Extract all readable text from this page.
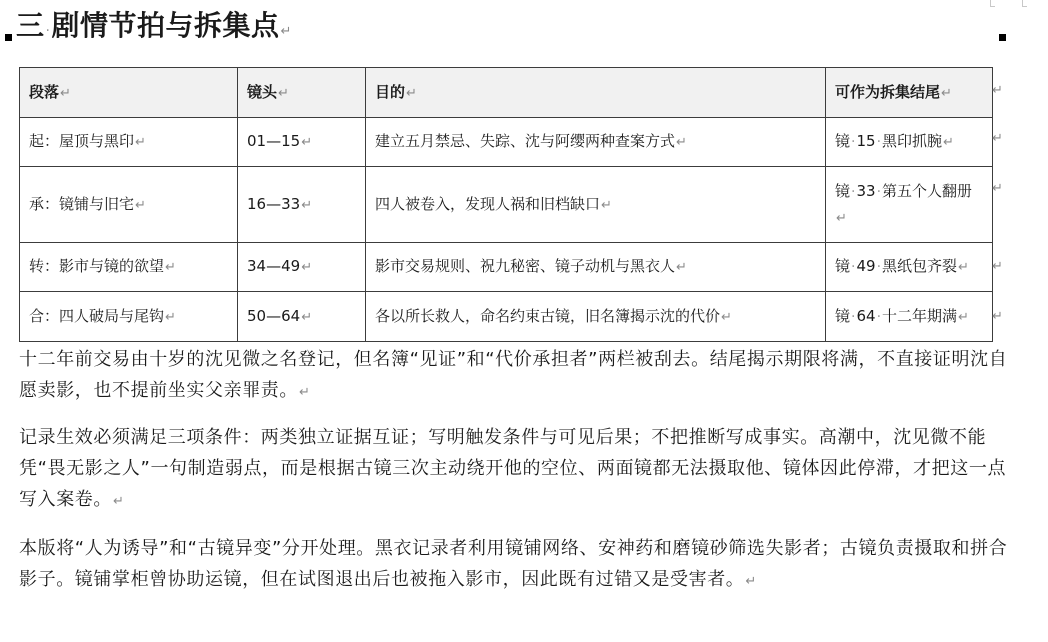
三·剧情节拍与拆集点↵
段落↵	镜头↵	目的↵	可作为拆集结尾↵
起：屋顶与黑印↵	01—15↵	建立五月禁忌、失踪、沈与阿缨两种查案方式↵	镜·15·黑印抓腕↵
承：镜铺与旧宅↵	16—33↵	四人被卷入，发现人祸和旧档缺口↵	镜·33·第五个人翻册↵
转：影市与镜的欲望↵	34—49↵	影市交易规则、祝九秘密、镜子动机与黑衣人↵	镜·49·黑纸包齐裂↵
合：四人破局与尾钩↵	50—64↵	各以所长救人，命名约束古镜，旧名簿揭示沈的代价↵	镜·64·十二年期满↵
↵
↵
↵
↵
↵

十二年前交易由十岁的沈见微之名登记，但名簿“见证”和“代价承担者”两栏被刮去。结尾揭示期限将满，不直接证明沈自愿卖影，也不提前坐实父亲罪责。↵

记录生效必须满足三项条件：两类独立证据互证；写明触发条件与可见后果；不把推断写成事实。高潮中，沈见微不能凭“畏无影之人”一句制造弱点，而是根据古镜三次主动绕开他的空位、两面镜都无法摄取他、镜体因此停滞，才把这一点写入案卷。↵

本版将“人为诱导”和“古镜异变”分开处理。黑衣记录者利用镜铺网络、安神药和磨镜砂筛选失影者；古镜负责摄取和拼合影子。镜铺掌柜曾协助运镜，但在试图退出后也被拖入影市，因此既有过错又是受害者。↵
